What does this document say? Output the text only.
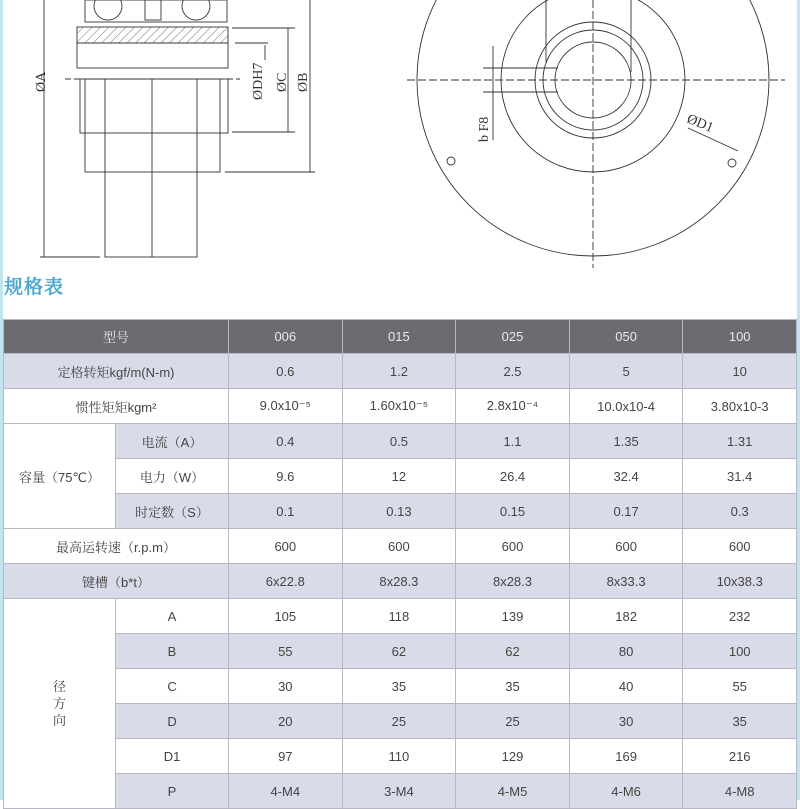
ØA	ØDH7 ØC ØB
b F8	ØD1
规格表
型号		006	015	025	050	100
定格转矩kgf/m(N-m)		0.6	1.2	2.5	5	10
惯性矩矩kgm²		9.0x10⁻⁵	1.60x10⁻⁵	2.8x10⁻⁴	10.0x10-4	3.80x10-3
容量（75℃）	电流（A）	0.4	0.5	1.1	1.35	1.31
	电力（W）	9.6	12	26.4	32.4	31.4
	时定数（S）	0.1	0.13	0.15	0.17	0.3
最高运转速（r.p.m）		600	600	600	600	600
键槽（b*t）		6x22.8	8x28.3	8x28.3	8x33.3	10x38.3
径方向	A	105	118	139	182	232
	B	55	62	62	80	100
	C	30	35	35	40	55
	D	20	25	25	30	35
	D1	97	110	129	169	216
	P	4-M4	3-M4	4-M5	4-M6	4-M8
